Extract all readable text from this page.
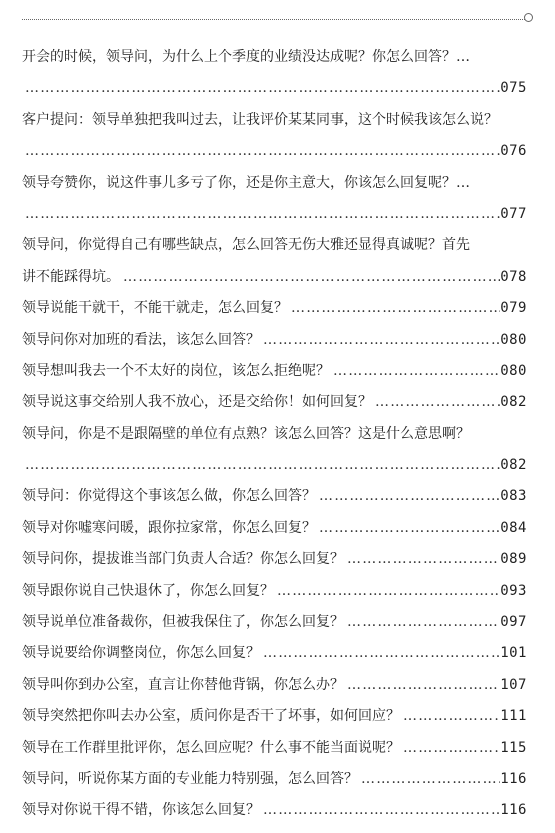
开会的时候，领导问，为什么上个季度的业绩没达成呢？你怎么回答？…
…………………………………………………………………………………………………………………………
075
客户提问：领导单独把我叫过去，让我评价某某同事，这个时候我该怎么说？
…………………………………………………………………………………………………………………………
076
领导夸赞你，说这件事儿多亏了你，还是你主意大，你该怎么回复呢？…
…………………………………………………………………………………………………………………………
077
领导问，你觉得自己有哪些缺点，怎么回答无伤大雅还显得真诚呢？首先
讲不能踩得坑。 …………………………………………………………………………………………………………………………	078
领导说能干就干，不能干就走，怎么回复？ …………………………………………………………………………………………………………………………	079
领导问你对加班的看法，该怎么回答？ …………………………………………………………………………………………………………………………	080
领导想叫我去一个不太好的岗位，该怎么拒绝呢？ …………………………………………………………………………………………………………………………	080
领导说这事交给别人我不放心，还是交给你！如何回复？ …………………………………………………………………………………………………………………………	082
领导问，你是不是跟隔壁的单位有点熟？该怎么回答？这是什么意思啊？
…………………………………………………………………………………………………………………………
082
领导问：你觉得这个事该怎么做，你怎么回答？ …………………………………………………………………………………………………………………………	083
领导对你嘘寒问暖，跟你拉家常，你怎么回复？ …………………………………………………………………………………………………………………………	084
领导问你，提拔谁当部门负责人合适？你怎么回复？ …………………………………………………………………………………………………………………………	089
领导跟你说自己快退休了，你怎么回复？ …………………………………………………………………………………………………………………………	093
领导说单位准备裁你，但被我保住了，你怎么回复？ …………………………………………………………………………………………………………………………	097
领导说要给你调整岗位，你怎么回复？ …………………………………………………………………………………………………………………………	101
领导叫你到办公室，直言让你替他背锅，你怎么办？ …………………………………………………………………………………………………………………………	107
领导突然把你叫去办公室，质问你是否干了坏事，如何回应？ …………………………………………………………………………………………………………………………	111
领导在工作群里批评你，怎么回应呢？什么事不能当面说呢？ …………………………………………………………………………………………………………………………	115
领导问，听说你某方面的专业能力特别强，怎么回答？ …………………………………………………………………………………………………………………………	116
领导对你说干得不错，你该怎么回复？ …………………………………………………………………………………………………………………………	116
